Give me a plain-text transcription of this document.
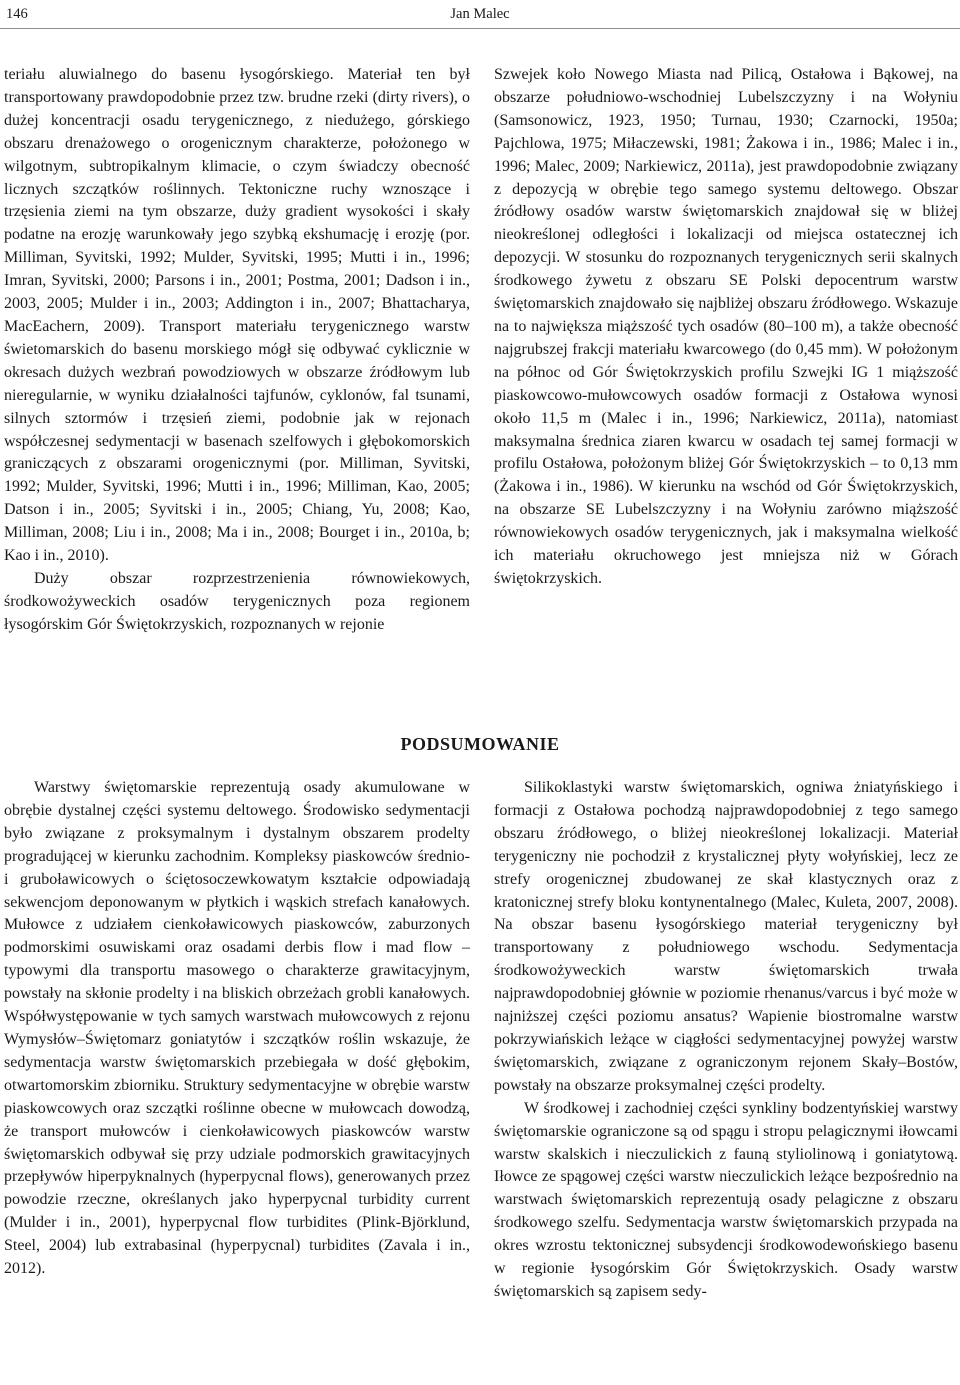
146	Jan Malec

teriału aluwialnego do basenu łysogórskiego. Materiał ten był transportowany prawdopodobnie przez tzw. brudne rzeki (dirty rivers), o dużej koncentracji osadu terygenicznego, z niedużego, górskiego obszaru drenażowego o orogenicznym charakterze, położonego w wilgotnym, subtropikalnym klimacie, o czym świadczy obecność licznych szczątków roślinnych. Tektoniczne ruchy wznoszące i trzęsienia ziemi na tym obszarze, duży gradient wysokości i skały podatne na erozję warunkowały jego szybką ekshumację i erozję (por. Milliman, Syvitski, 1992; Mulder, Syvitski, 1995; Mutti i in., 1996; Imran, Syvitski, 2000; Parsons i in., 2001; Postma, 2001; Dadson i in., 2003, 2005; Mulder i in., 2003; Addington i in., 2007; Bhattacharya, MacEachern, 2009). Transport materiału terygenicznego warstw świetomarskich do basenu morskiego mógł się odbywać cyklicznie w okresach dużych wezbrań powodziowych w obszarze źródłowym lub nieregularnie, w wyniku działalności tajfunów, cyklonów, fal tsunami, silnych sztormów i trzęsień ziemi, podobnie jak w rejonach współczesnej sedymentacji w basenach szelfowych i głębokomorskich graniczących z obszarami orogenicznymi (por. Milliman, Syvitski, 1992; Mulder, Syvitski, 1996; Mutti i in., 1996; Milliman, Kao, 2005; Datson i in., 2005; Syvitski i in., 2005; Chiang, Yu, 2008; Kao, Milliman, 2008; Liu i in., 2008; Ma i in., 2008; Bourget i in., 2010a, b; Kao i in., 2010).

Duży obszar rozprzestrzenienia równowiekowych, środkowożyweckich osadów terygenicznych poza regionem łysogórskim Gór Świętokrzyskich, rozpoznanych w rejonie

Szwejek koło Nowego Miasta nad Pilicą, Ostałowa i Bąkowej, na obszarze południowo-wschodniej Lubelszczyzny i na Wołyniu (Samsonowicz, 1923, 1950; Turnau, 1930; Czarnocki, 1950a; Pajchlowa, 1975; Miłaczewski, 1981; Żakowa i in., 1986; Malec i in., 1996; Malec, 2009; Narkiewicz, 2011a), jest prawdopodobnie związany z depozycją w obrębie tego samego systemu deltowego. Obszar źródłowy osadów warstw świętomarskich znajdował się w bliżej nieokreślonej odległości i lokalizacji od miejsca ostatecznej ich depozycji. W stosunku do rozpoznanych terygenicznych serii skalnych środkowego żywetu z obszaru SE Polski depocentrum warstw świętomarskich znajdowało się najbliżej obszaru źródłowego. Wskazuje na to największa miąższość tych osadów (80–100 m), a także obecność najgrubszej frakcji materiału kwarcowego (do 0,45 mm). W położonym na północ od Gór Świętokrzyskich profilu Szwejki IG 1 miąższość piaskowcowo-mułowcowych osadów formacji z Ostałowa wynosi około 11,5 m (Malec i in., 1996; Narkiewicz, 2011a), natomiast maksymalna średnica ziaren kwarcu w osadach tej samej formacji w profilu Ostałowa, położonym bliżej Gór Świętokrzyskich – to 0,13 mm (Żakowa i in., 1986). W kierunku na wschód od Gór Świętokrzyskich, na obszarze SE Lubelszczyzny i na Wołyniu zarówno miąższość równowiekowych osadów terygenicznych, jak i maksymalna wielkość ich materiału okruchowego jest mniejsza niż w Górach świętokrzyskich.

PODSUMOWANIE

Warstwy świętomarskie reprezentują osady akumulowane w obrębie dystalnej części systemu deltowego. Środowisko sedymentacji było związane z proksymalnym i dystalnym obszarem prodelty progradującej w kierunku zachodnim. Kompleksy piaskowców średnio- i gruboławicowych o ściętosoczewkowatym kształcie odpowiadają sekwencjom deponowanym w płytkich i wąskich strefach kanałowych. Mułowce z udziałem cienkoławicowych piaskowców, zaburzonych podmorskimi osuwiskami oraz osadami derbis flow i mad flow – typowymi dla transportu masowego o charakterze grawitacyjnym, powstały na skłonie prodelty i na bliskich obrzeżach grobli kanałowych. Współwystępowanie w tych samych warstwach mułowcowych z rejonu Wymysłów–Świętomarz goniatytów i szczątków roślin wskazuje, że sedymentacja warstw świętomarskich przebiegała w dość głębokim, otwartomorskim zbiorniku. Struktury sedymentacyjne w obrębie warstw piaskowcowych oraz szczątki roślinne obecne w mułowcach dowodzą, że transport mułowców i cienkoławicowych piaskowców warstw świętomarskich odbywał się przy udziale podmorskich grawitacyjnych przepływów hiperpyknalnych (hyperpycnal flows), generowanych przez powodzie rzeczne, określanych jako hyperpycnal turbidity current (Mulder i in., 2001), hyperpycnal flow turbidites (Plink-Björklund, Steel, 2004) lub extrabasinal (hyperpycnal) turbidites (Zavala i in., 2012).

Silikoklastyki warstw świętomarskich, ogniwa żniatyńskiego i formacji z Ostałowa pochodzą najprawdopodobniej z tego samego obszaru źródłowego, o bliżej nieokreślonej lokalizacji. Materiał terygeniczny nie pochodził z krystalicznej płyty wołyńskiej, lecz ze strefy orogenicznej zbudowanej ze skał klastycznych oraz z kratonicznej strefy bloku kontynentalnego (Malec, Kuleta, 2007, 2008). Na obszar basenu łysogórskiego materiał terygeniczny był transportowany z południowego wschodu. Sedymentacja środkowożyweckich warstw świętomarskich trwała najprawdopodobniej głównie w poziomie rhenanus/varcus i być może w najniższej części poziomu ansatus? Wapienie biostromalne warstw pokrzywiańskich leżące w ciągłości sedymentacyjnej powyżej warstw świętomarskich, związane z ograniczonym rejonem Skały–Bostów, powstały na obszarze proksymalnej części prodelty.

W środkowej i zachodniej części synkliny bodzentyńskiej warstwy świętomarskie ograniczone są od spągu i stropu pelagicznymi iłowcami warstw skalskich i nieczulickich z fauną styliolinową i goniatytową. Iłowce ze spągowej części warstw nieczulickich leżące bezpośrednio na warstwach świętomarskich reprezentują osady pelagiczne z obszaru środkowego szelfu. Sedymentacja warstw świętomarskich przypada na okres wzrostu tektonicznej subsydencji środkowodewońskiego basenu w regionie łysogórskim Gór Świętokrzyskich. Osady warstw świętomarskich są zapisem sedy-
